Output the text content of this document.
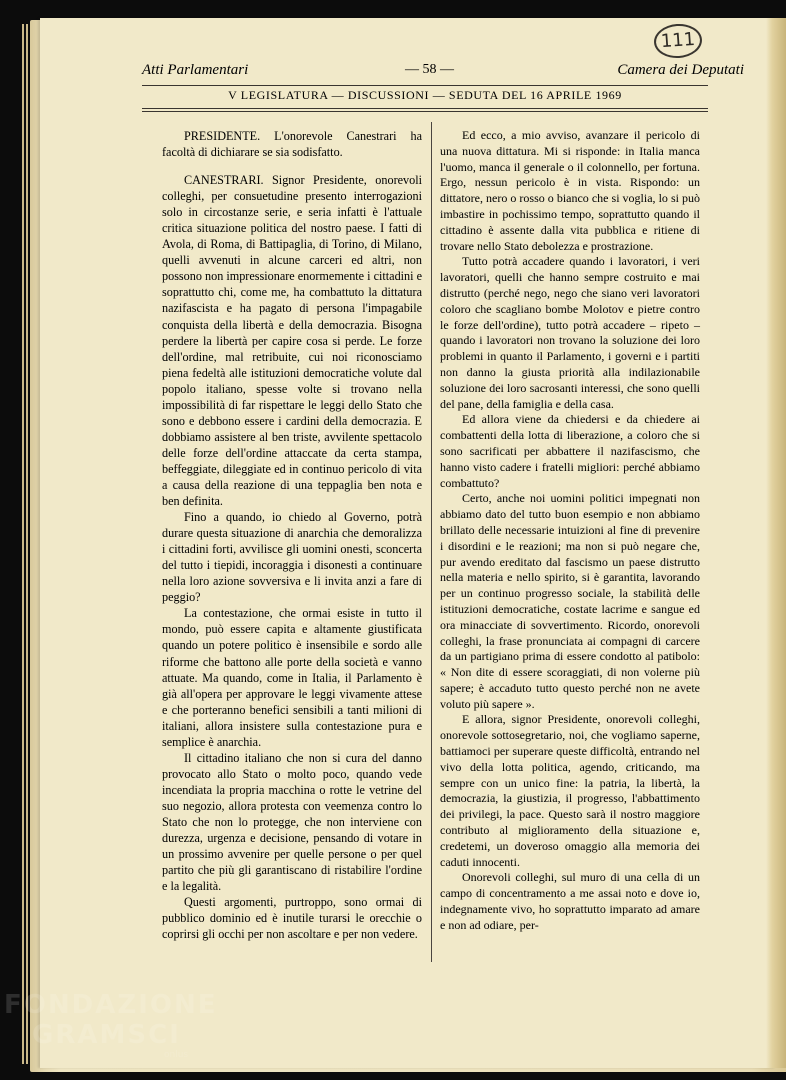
Atti Parlamentari	— 58 —	Camera dei Deputati
111
V LEGISLATURA — DISCUSSIONI — SEDUTA DEL 16 APRILE 1969

PRESIDENTE. L'onorevole Canestrari ha facoltà di dichiarare se sia sodisfatto.

CANESTRARI. Signor Presidente, onorevoli colleghi, per consuetudine presento interrogazioni solo in circostanze serie, e seria infatti è l'attuale critica situazione politica del nostro paese. I fatti di Avola, di Roma, di Battipaglia, di Torino, di Milano, quelli avvenuti in alcune carceri ed altri, non possono non impressionare enormemente i cittadini e soprattutto chi, come me, ha combattuto la dittatura nazifascista e ha pagato di persona l'impagabile conquista della libertà e della democrazia. Bisogna perdere la libertà per capire cosa si perde. Le forze dell'ordine, mal retribuite, cui noi riconosciamo piena fedeltà alle istituzioni democratiche volute dal popolo italiano, spesse volte si trovano nella impossibilità di far rispettare le leggi dello Stato che sono e debbono essere i cardini della democrazia. E dobbiamo assistere al ben triste, avvilente spettacolo delle forze dell'ordine attaccate da certa stampa, beffeggiate, dileggiate ed in continuo pericolo di vita a causa della reazione di una teppaglia ben nota e ben definita.

Fino a quando, io chiedo al Governo, potrà durare questa situazione di anarchia che demoralizza i cittadini forti, avvilisce gli uomini onesti, sconcerta del tutto i tiepidi, incoraggia i disonesti a continuare nella loro azione sovversiva e li invita anzi a fare di peggio?

La contestazione, che ormai esiste in tutto il mondo, può essere capita e altamente giustificata quando un potere politico è insensibile e sordo alle riforme che battono alle porte della società e vanno attuate. Ma quando, come in Italia, il Parlamento è già all'opera per approvare le leggi vivamente attese e che porteranno benefici sensibili a tanti milioni di italiani, allora insistere sulla contestazione pura e semplice è anarchia.

Il cittadino italiano che non si cura del danno provocato allo Stato o molto poco, quando vede incendiata la propria macchina o rotte le vetrine del suo negozio, allora protesta con veemenza contro lo Stato che non lo protegge, che non interviene con durezza, urgenza e decisione, pensando di votare in un prossimo avvenire per quelle persone o per quel partito che più gli garantiscano di ristabilire l'ordine e la legalità.

Questi argomenti, purtroppo, sono ormai di pubblico dominio ed è inutile turarsi le orecchie o coprirsi gli occhi per non ascoltare e per non vedere.

Ed ecco, a mio avviso, avanzare il pericolo di una nuova dittatura. Mi si risponde: in Italia manca l'uomo, manca il generale o il colonnello, per fortuna. Ergo, nessun pericolo è in vista. Rispondo: un dittatore, nero o rosso o bianco che si voglia, lo si può imbastire in pochissimo tempo, soprattutto quando il cittadino è assente dalla vita pubblica e ritiene di trovare nello Stato debolezza e prostrazione.

Tutto potrà accadere quando i lavoratori, i veri lavoratori, quelli che hanno sempre costruito e mai distrutto (perché nego, nego che siano veri lavoratori coloro che scagliano bombe Molotov e pietre contro le forze dell'ordine), tutto potrà accadere – ripeto – quando i lavoratori non trovano la soluzione dei loro problemi in quanto il Parlamento, i governi e i partiti non danno la giusta priorità alla indilazionabile soluzione dei loro sacrosanti interessi, che sono quelli del pane, della famiglia e della casa.

Ed allora viene da chiedersi e da chiedere ai combattenti della lotta di liberazione, a coloro che si sono sacrificati per abbattere il nazifascismo, che hanno visto cadere i fratelli migliori: perché abbiamo combattuto?

Certo, anche noi uomini politici impegnati non abbiamo dato del tutto buon esempio e non abbiamo brillato delle necessarie intuizioni al fine di prevenire i disordini e le reazioni; ma non si può negare che, pur avendo ereditato dal fascismo un paese distrutto nella materia e nello spirito, si è garantita, lavorando per un continuo progresso sociale, la stabilità delle istituzioni democratiche, costate lacrime e sangue ed ora minacciate di sovvertimento. Ricordo, onorevoli colleghi, la frase pronunciata ai compagni di carcere da un partigiano prima di essere condotto al patibolo: « Non dite di essere scoraggiati, di non volerne più sapere; è accaduto tutto questo perché non ne avete voluto più sapere ».

E allora, signor Presidente, onorevoli colleghi, onorevole sottosegretario, noi, che vogliamo saperne, battiamoci per superare queste difficoltà, entrando nel vivo della lotta politica, agendo, criticando, ma sempre con un unico fine: la patria, la libertà, la democrazia, la giustizia, il progresso, l'abbattimento dei privilegi, la pace. Questo sarà il nostro maggiore contributo al miglioramento della situazione e, credetemi, un doveroso omaggio alla memoria dei caduti innocenti.

Onorevoli colleghi, sul muro di una cella di un campo di concentramento a me assai noto e dove io, indegnamente vivo, ho soprattutto imparato ad amare e non ad odiare, per-

FONDAZIONE
GRAMSCI
onlus
